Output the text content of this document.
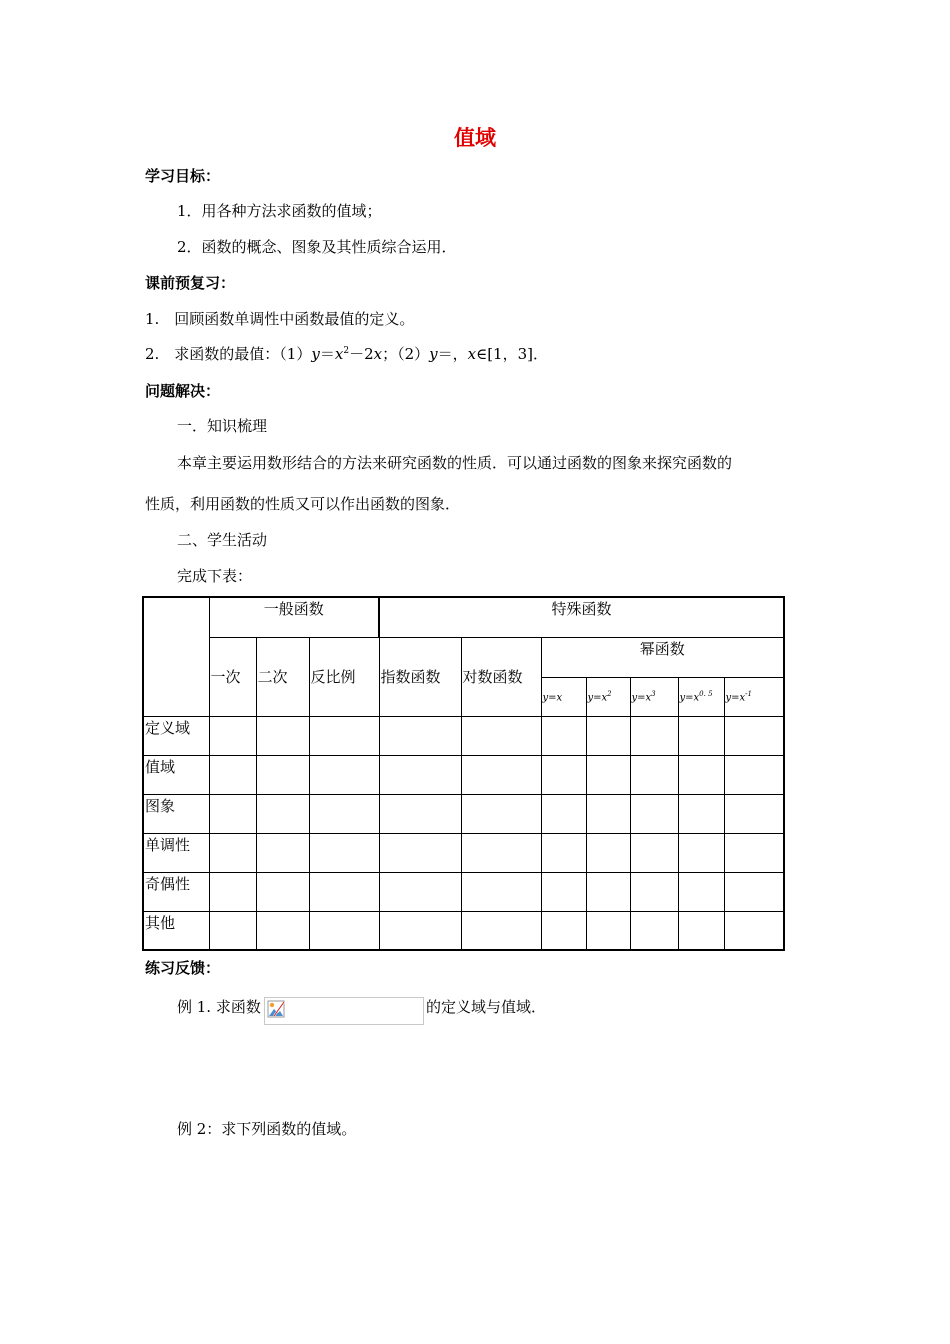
值域
学习目标：
1．用各种方法求函数的值域；
2．函数的概念、图象及其性质综合运用．
课前预复习：
1.　回顾函数单调性中函数最值的定义。
2.　求函数的最值：$(1)y=x^2-2x$；（2）y＝，x∈[1，3]．
问题解决：
一．知识梳理
本章主要运用数形结合的方法来研究函数的性质．可以通过函数的图象来探究函数的
性质，利用函数的性质又可以作出函数的图象．
二、学生活动
完成下表：
	一般函数			特殊函数						
	一次	二次	反比例	指数函数	对数函数	幂函数				
						y=x	$y=x^2$	$y=x^3$	$y=x^{0. 5}$	$y=x^{-1}$
定义域										
值域										
图象										
单调性										
奇偶性										
其他										
练习反馈：
例 1. 求函数	的定义域与值域．
例 2：求下列函数的值域。
